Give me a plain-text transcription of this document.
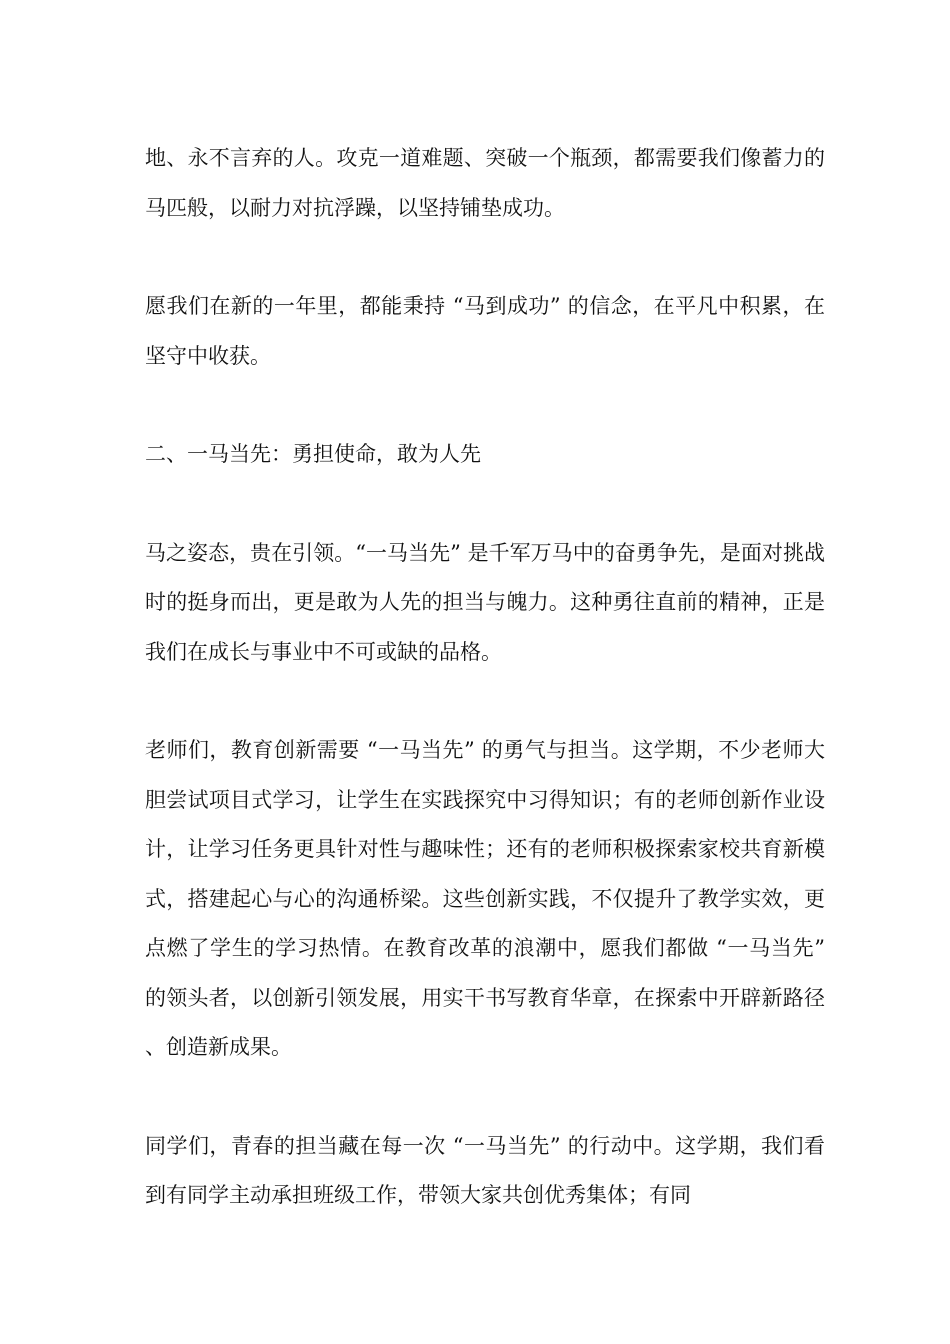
地、永不言弃的人。攻克一道难题、突破一个瓶颈，都需要我们像蓄力的马匹般，以耐力对抗浮躁，以坚持铺垫成功。

愿我们在新的一年里，都能秉持 “马到成功” 的信念，在平凡中积累，在坚守中收获。

二、一马当先：勇担使命，敢为人先

马之姿态，贵在引领。“一马当先” 是千军万马中的奋勇争先，是面对挑战时的挺身而出，更是敢为人先的担当与魄力。这种勇往直前的精神，正是我们在成长与事业中不可或缺的品格。

老师们，教育创新需要 “一马当先” 的勇气与担当。这学期，不少老师大胆尝试项目式学习，让学生在实践探究中习得知识；有的老师创新作业设计，让学习任务更具针对性与趣味性；还有的老师积极探索家校共育新模式，搭建起心与心的沟通桥梁。这些创新实践，不仅提升了教学实效，更点燃了学生的学习热情。在教育改革的浪潮中，愿我们都做 “一马当先” 的领头者，以创新引领发展，用实干书写教育华章，在探索中开辟新路径、创造新成果。

同学们，青春的担当藏在每一次 “一马当先” 的行动中。这学期，我们看到有同学主动承担班级工作，带领大家共创优秀集体；有同
